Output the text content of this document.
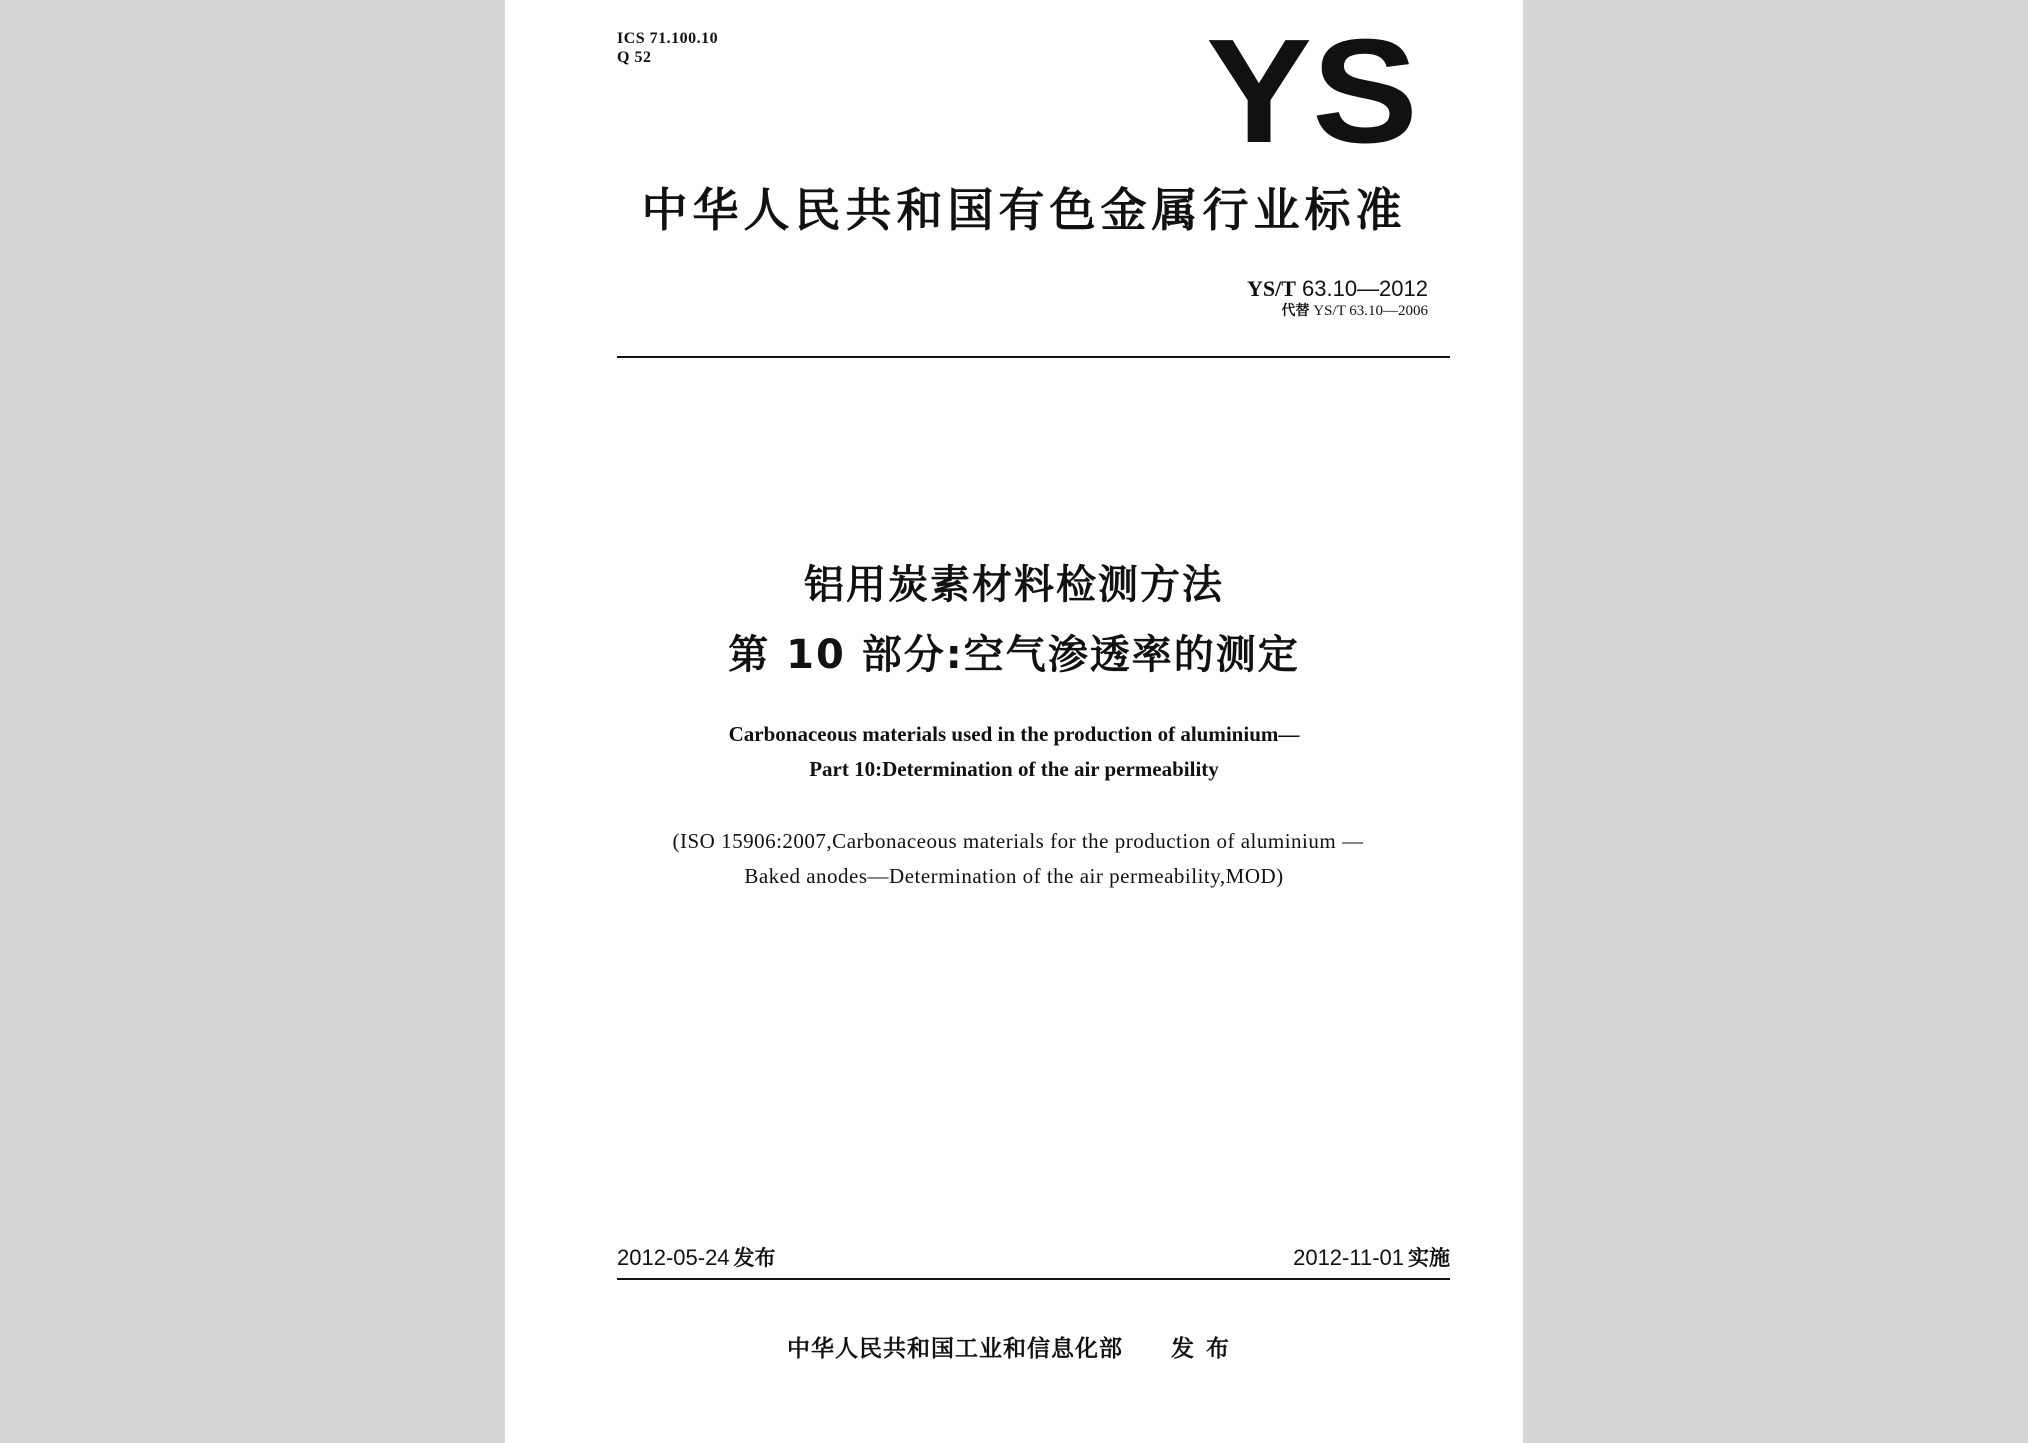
ICS 71.100.10
Q 52	YS
中华人民共和国有色金属行业标准
YS/T 63.10—2012
代替 YS/T 63.10—2006
铝用炭素材料检测方法
第 10 部分:空气渗透率的测定
Carbonaceous materials used in the production of aluminium—
Part 10:Determination of the air permeability
(ISO 15906:2007,Carbonaceous materials for the production of aluminium —
Baked anodes—Determination of the air permeability,MOD)
2012-05-24 发布	2012-11-01 实施
中华人民共和国工业和信息化部 发布
